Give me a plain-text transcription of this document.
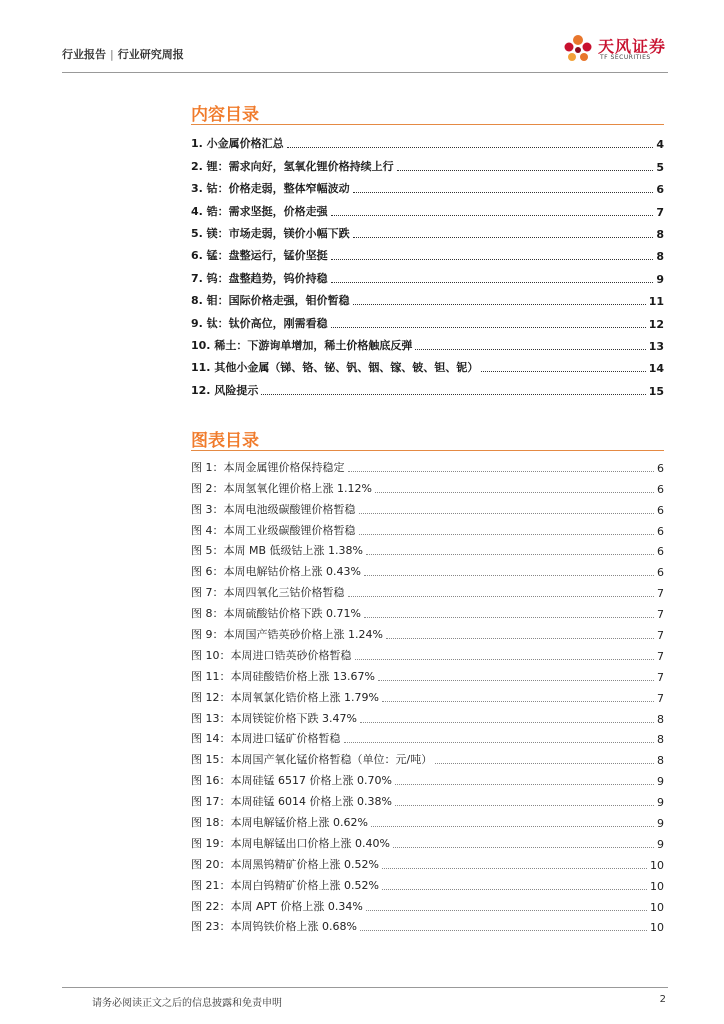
行业报告 | 行业研究周报	天风证券
TF SECURITIES
内容目录
1. 小金属价格汇总	4
2. 锂：需求向好，氢氧化锂价格持续上行	5
3. 钴：价格走弱，整体窄幅波动	6
4. 锆：需求坚挺，价格走强	7
5. 镁：市场走弱，镁价小幅下跌	8
6. 锰：盘整运行，锰价坚挺	8
7. 钨：盘整趋势，钨价持稳	9
8. 钼：国际价格走强，钼价暂稳	11
9. 钛：钛价高位，刚需看稳	12
10. 稀土：下游询单增加，稀土价格触底反弹	13
11. 其他小金属（锑、铬、铋、钒、铟、镓、铍、钽、铌）	14
12. 风险提示	15
图表目录
图 1：本周金属锂价格保持稳定	6
图 2：本周氢氧化锂价格上涨 1.12%	6
图 3：本周电池级碳酸锂价格暂稳	6
图 4：本周工业级碳酸锂价格暂稳	6
图 5：本周 MB 低级钴上涨 1.38%	6
图 6：本周电解钴价格上涨 0.43%	6
图 7：本周四氧化三钴价格暂稳	7
图 8：本周硫酸钴价格下跌 0.71%	7
图 9：本周国产锆英砂价格上涨 1.24%	7
图 10：本周进口锆英砂价格暂稳	7
图 11：本周硅酸锆价格上涨 13.67%	7
图 12：本周氧氯化锆价格上涨 1.79%	7
图 13：本周镁锭价格下跌 3.47%	8
图 14：本周进口锰矿价格暂稳	8
图 15：本周国产氧化锰价格暂稳（单位：元/吨）	8
图 16：本周硅锰 6517 价格上涨 0.70%	9
图 17：本周硅锰 6014 价格上涨 0.38%	9
图 18：本周电解锰价格上涨 0.62%	9
图 19：本周电解锰出口价格上涨 0.40%	9
图 20：本周黑钨精矿价格上涨 0.52%	10
图 21：本周白钨精矿价格上涨 0.52%	10
图 22：本周 APT 价格上涨 0.34%	10
图 23：本周钨铁价格上涨 0.68%	10
请务必阅读正文之后的信息披露和免责申明	2
